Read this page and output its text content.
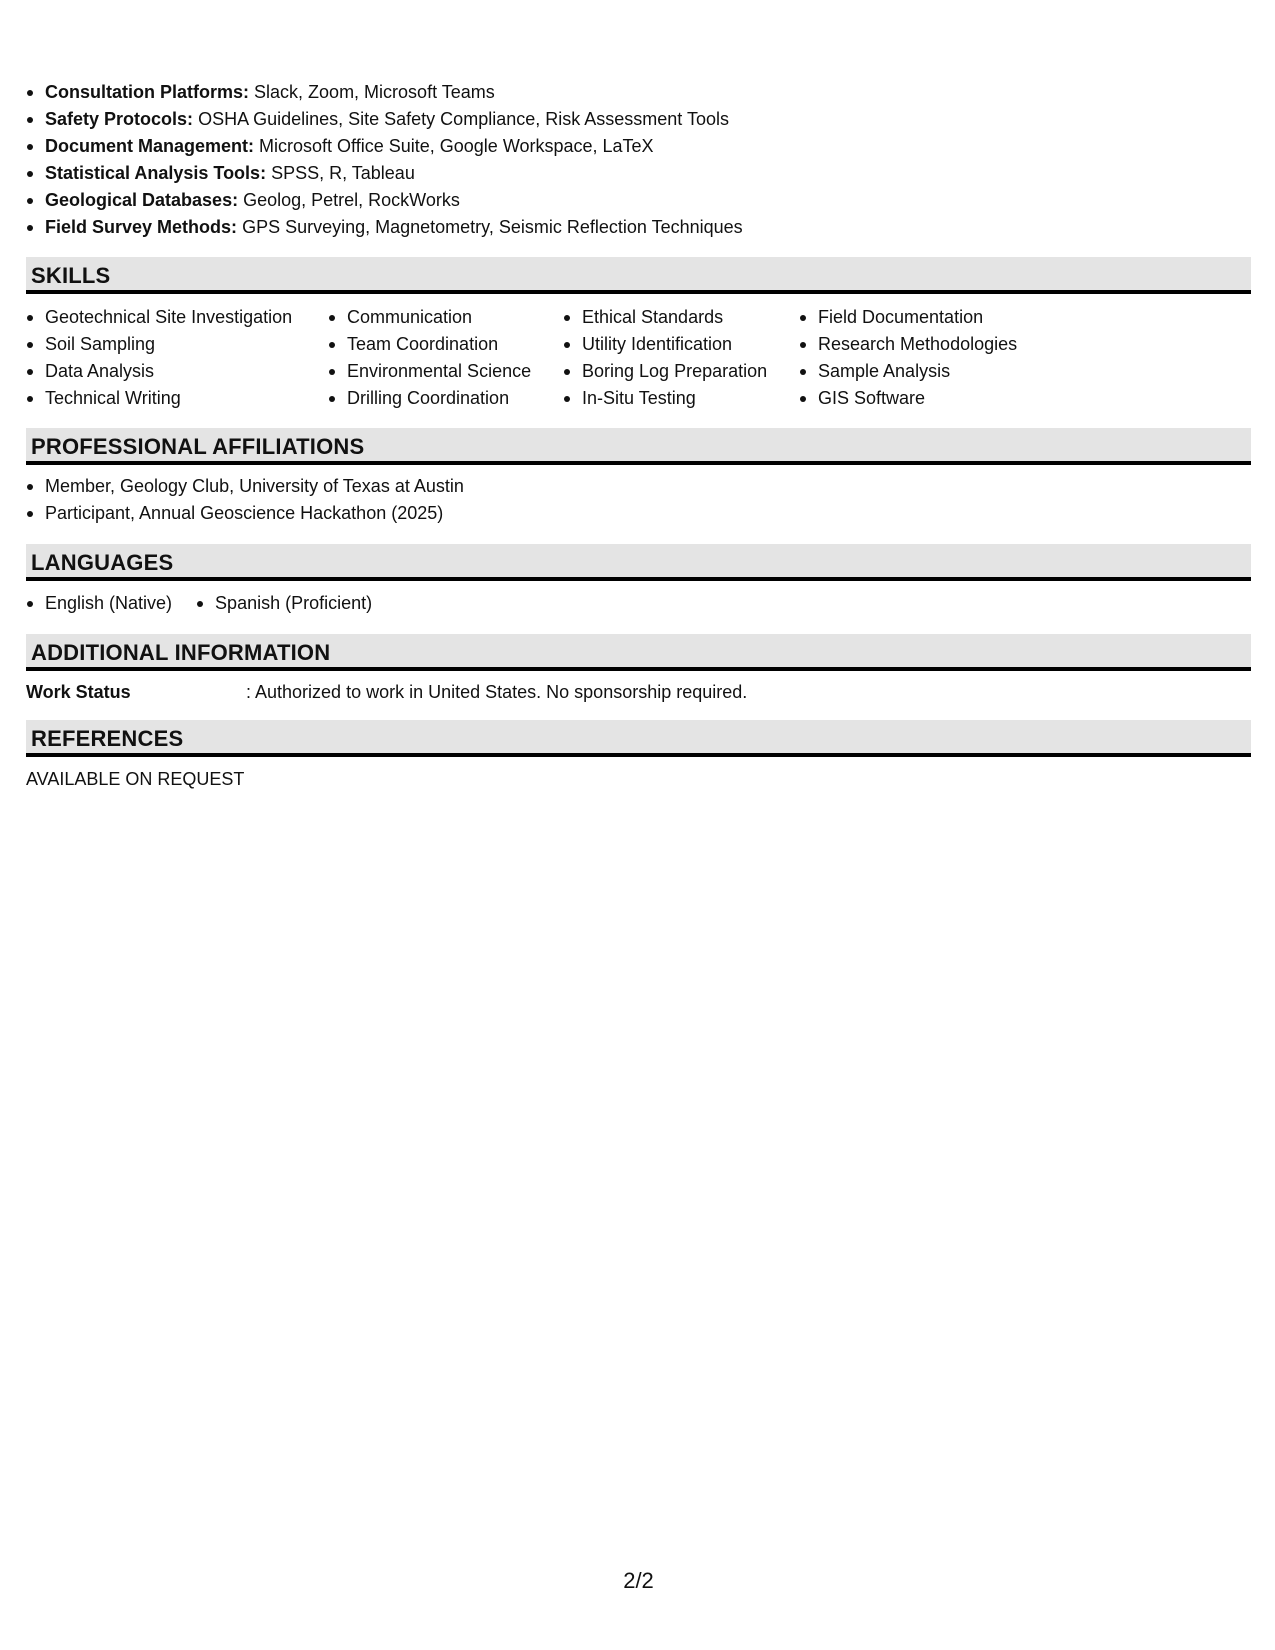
Consultation Platforms: Slack, Zoom, Microsoft Teams
Safety Protocols: OSHA Guidelines, Site Safety Compliance, Risk Assessment Tools
Document Management: Microsoft Office Suite, Google Workspace, LaTeX
Statistical Analysis Tools: SPSS, R, Tableau
Geological Databases: Geolog, Petrel, RockWorks
Field Survey Methods: GPS Surveying, Magnetometry, Seismic Reflection Techniques
SKILLS
Geotechnical Site Investigation
Soil Sampling
Data Analysis
Technical Writing
Communication
Team Coordination
Environmental Science
Drilling Coordination
Ethical Standards
Utility Identification
Boring Log Preparation
In-Situ Testing
Field Documentation
Research Methodologies
Sample Analysis
GIS Software
PROFESSIONAL AFFILIATIONS
Member, Geology Club, University of Texas at Austin
Participant, Annual Geoscience Hackathon (2025)
LANGUAGES
English (Native)	Spanish (Proficient)
ADDITIONAL INFORMATION
Work Status	: Authorized to work in United States. No sponsorship required.
REFERENCES
AVAILABLE ON REQUEST
2/2
